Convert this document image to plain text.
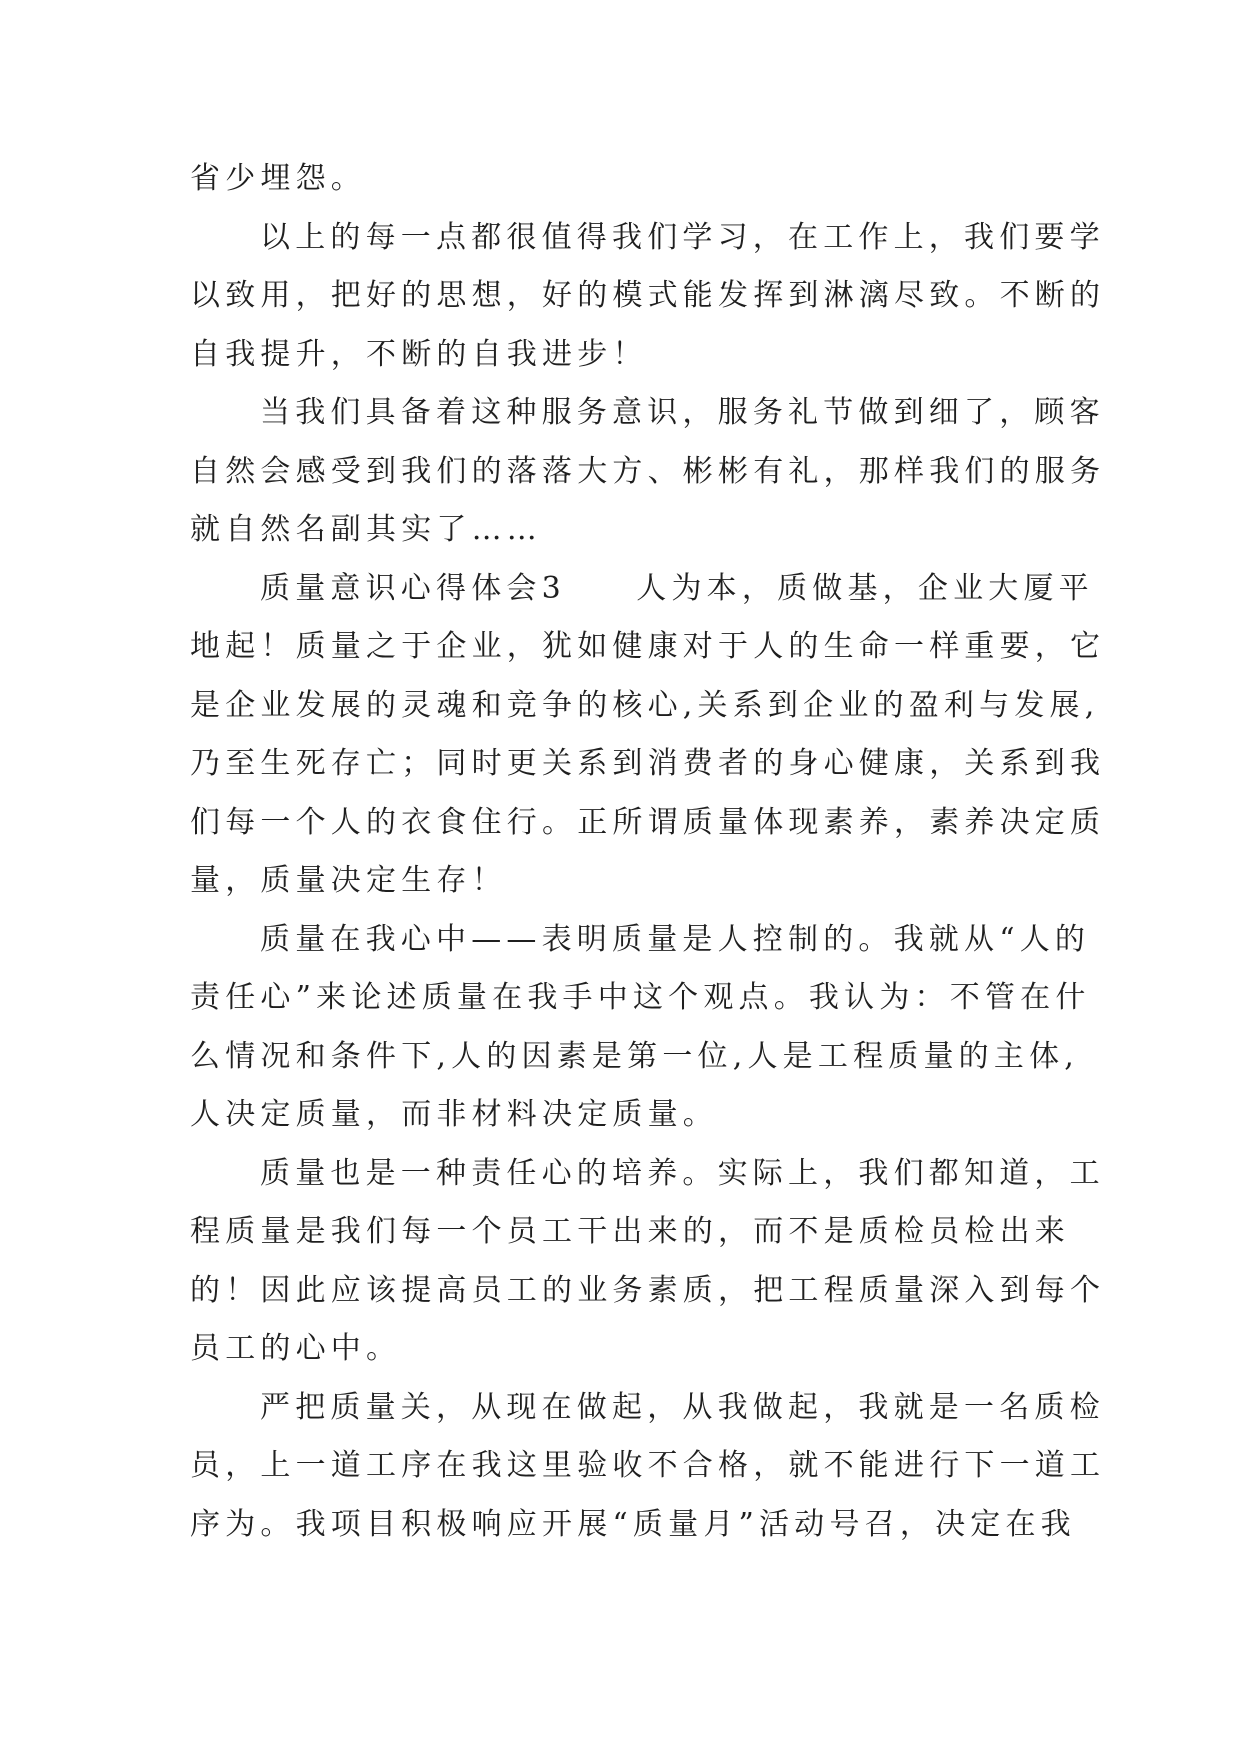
省少埋怨。
以上的每一点都很值得我们学习，在工作上，我们要学
以致用，把好的思想，好的模式能发挥到淋漓尽致。不断的
自我提升，不断的自我进步！
当我们具备着这种服务意识，服务礼节做到细了，顾客
自然会感受到我们的落落大方、彬彬有礼，那样我们的服务
就自然名副其实了……
质量意识心得体会3　　人为本，质做基，企业大厦平
地起！质量之于企业，犹如健康对于人的生命一样重要，它
是企业发展的灵魂和竞争的核心,关系到企业的盈利与发展,
乃至生死存亡；同时更关系到消费者的身心健康，关系到我
们每一个人的衣食住行。正所谓质量体现素养，素养决定质
量，质量决定生存！
质量在我心中——表明质量是人控制的。我就从“人的
责任心”来论述质量在我手中这个观点。我认为：不管在什
么情况和条件下,人的因素是第一位,人是工程质量的主体,
人决定质量，而非材料决定质量。
质量也是一种责任心的培养。实际上，我们都知道，工
程质量是我们每一个员工干出来的，而不是质检员检出来
的！因此应该提高员工的业务素质，把工程质量深入到每个
员工的心中。
严把质量关，从现在做起，从我做起，我就是一名质检
员，上一道工序在我这里验收不合格，就不能进行下一道工
序为。我项目积极响应开展“质量月”活动号召，决定在我
